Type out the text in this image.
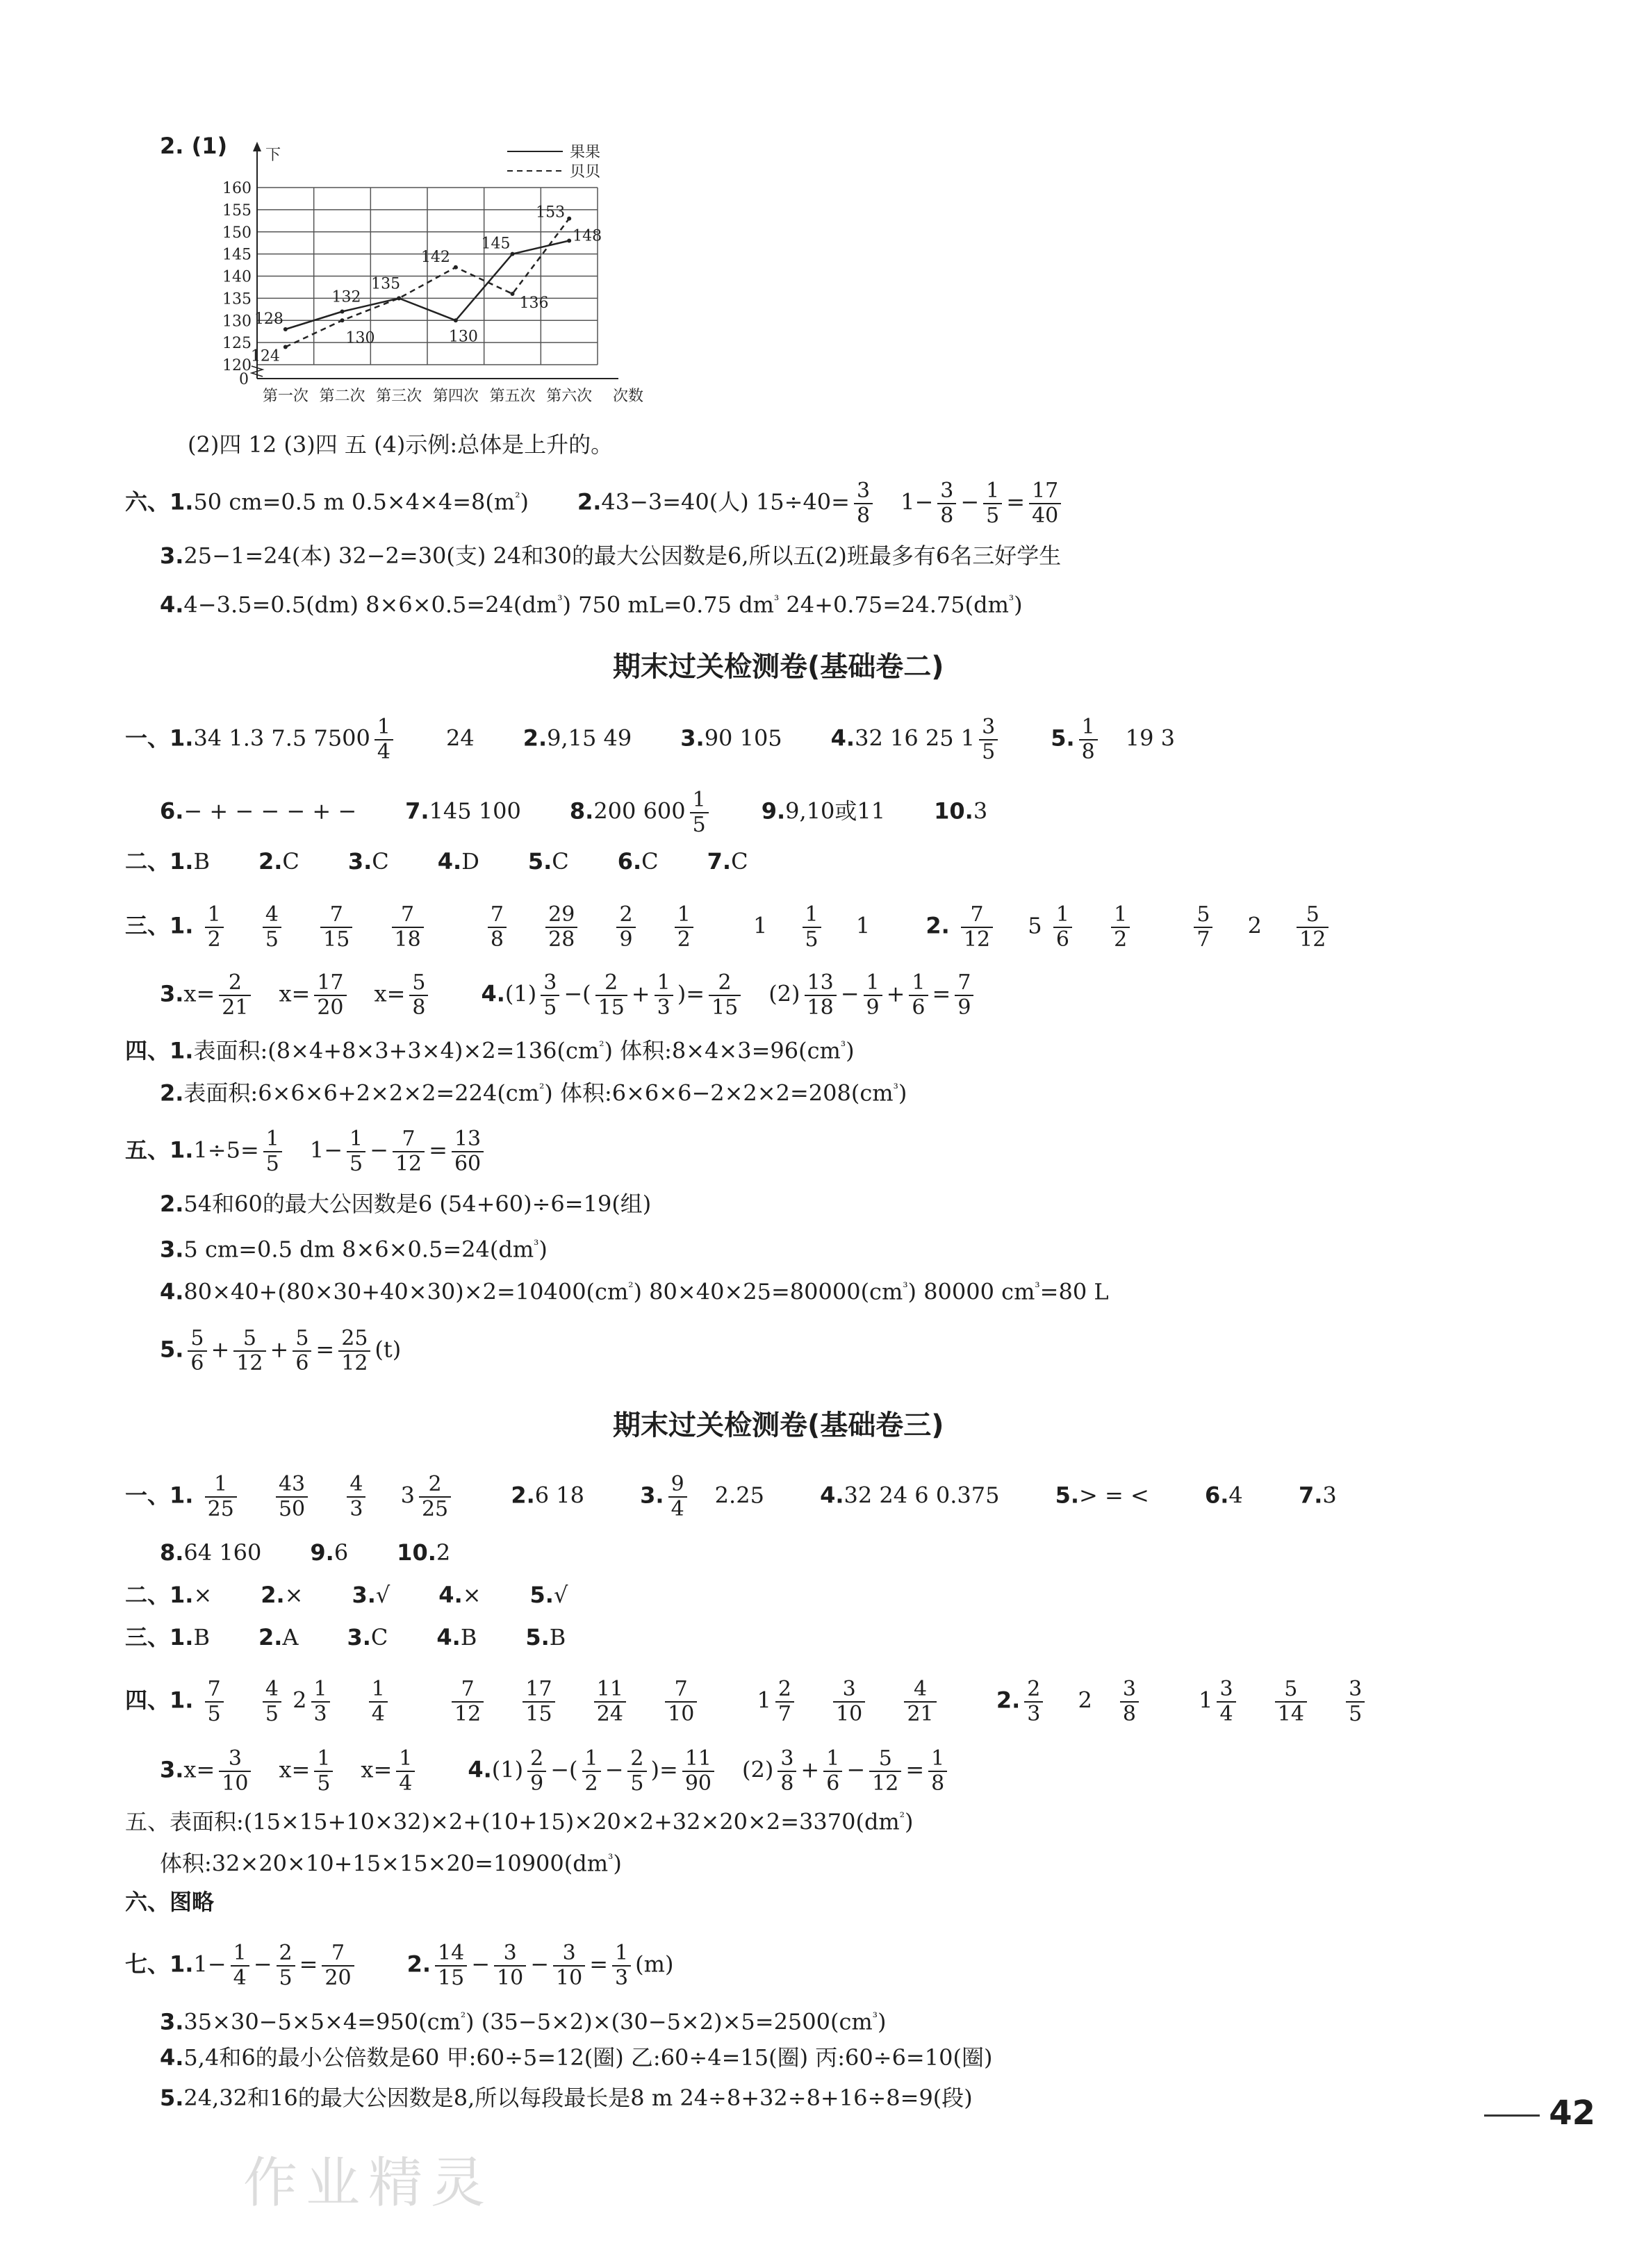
2. (1)
120
125
130
135
140
145
150
155
160
下
0
第一次 第二次 第三次 第四次 第五次 第六次 次数
128
132
135
130
145	148
124
130
142
136
153
果果
贝贝
(2)四 12 (3)四 五 (4)示例:总体是上升的。
六、1.50 cm=0.5 m $0.5\times 4\times 4=8(m^{^2})$ 2.43−3=40(人) $15\div 40= \frac{3}{8} 1- \frac{3}{8} - \frac{1}{5} = \frac{17}{40}$
3.25−1=24(本) 32−2=30(支) 24和30的最大公因数是6,所以五(2)班最多有6名三好学生
4.4−3.5=0.5(dm) $8\times 6\times 0.5=24(dm^{^3})$ 750 mL=0.75 $dm^{^3}$ $24+0.75=24.75(dm^{^3})$
期末过关检测卷(基础卷二)
一、1.34 1.3 7.5 $7500 \frac{1}{4} 24$ 2.9,15 49 3.90 105 4.32 16 25 $1 \frac{3}{5} 5$. $\frac{1}{8} 19$ 3
6.− + − − − + − 7.145 100 8.200 $600 \frac{1}{5} 9.9,10$或11 10.3
二、1.B 2.C 3.C 4.D 5.C 6.C 7.C
三、1. $\frac{1}{2}$
$\frac{4}{5}$
$\frac{7}{15}$
$\frac{7}{18}$
	$\frac{7}{8}$
$\frac{29}{28}$
$\frac{2}{9}$
$\frac{1}{2}$	$1 \frac{1}{5} 1$	2. $\frac{7}{12} 5 \frac{1}{6}$
$\frac{1}{2}$
	$\frac{5}{7} 2 \frac{5}{12}$
$3.x= \frac{2}{21} x= \frac{17}{20} x= \frac{5}{8} 4.(1) \frac{3}{5}$ −( $\frac{2}{15} + \frac{1}{3}$ )= $\frac{2}{15} (2) \frac{13}{18} - \frac{1}{9} + \frac{1}{6} = \frac{7}{9}$
四、1.表面积$:(8\times 4+8\times 3+3\times 4)\times 2=136(cm^{^2})$ 体积$:8\times 4\times 3=96(cm^{^3})$
2.表面积$:6\times 6\times 6+2\times 2\times 2=224(cm^{^2})$ 体积$:6\times 6\times 6-2\times 2\times 2=208(cm^{^3})$
五、$1.1\div 5= \frac{1}{5} 1- \frac{1}{5} - \frac{7}{12} = \frac{13}{60}$
2.54和60的最大公因数是6 (54+60)÷6=19(组)
3.5 cm=0.5 dm $8\times 6\times 0.5=24(dm^{^3})$
$4.80\times 40+(80\times 30+40\times 30)\times 2=10400(cm^{^2})$ $80\times 40\times 25=80000(cm^{^3})$ 80000 $cm^{^3}=80$ L
5. $\frac{5}{6} + \frac{5}{12} + \frac{5}{6} = \frac{25}{12} (t)$
期末过关检测卷(基础卷三)
一、1. $\frac{1}{25}$
$\frac{43}{50}$
$\frac{4}{3} 3 \frac{2}{25}$	2.6 18	3. $\frac{9}{4} 2.25$	4.32 24 6 0.375	5.> = <	6.4	7.3
8.64 160 9.6 10.2
二、1.× 2.× 3.√ 4.× 5.√
三、1.B 2.A 3.C 4.B 5.B
四、1. $\frac{7}{5}$
$\frac{4}{5} 2 \frac{1}{3}$
$\frac{1}{4}$
	$\frac{7}{12}$
$\frac{17}{15}$
$\frac{11}{24}$
$\frac{7}{10}$	$1 \frac{2}{7}$
$\frac{3}{10}$
$\frac{4}{21}$	2. $\frac{2}{3} 2 \frac{3}{8}$	$1 \frac{3}{4}$
$\frac{5}{14}$
$\frac{3}{5}$
$3.x= \frac{3}{10} x= \frac{1}{5} x= \frac{1}{4} 4.(1) \frac{2}{9}$ −( $\frac{1}{2} - \frac{2}{5}$ )= $\frac{11}{90} (2) \frac{3}{8} + \frac{1}{6} - \frac{5}{12} = \frac{1}{8}$
五、表面积$:(15\times 15+10\times 32)\times 2+(10+15)\times 20\times 2+32\times 20\times 2=3370(dm^{^2})$
体积$:32\times 20\times 10+15\times 15\times 20=10900(dm^{^3})$
六、图略
七、$1.1- \frac{1}{4} - \frac{2}{5} = \frac{7}{20} 2$. $\frac{14}{15} - \frac{3}{10} - \frac{3}{10} = \frac{1}{3} (m)$
$3.35\times 30-5\times 5\times 4=950(cm^{^2})$ $(35-5\times 2)\times(30-5\times 2)\times 5=2500(cm^{^3})$
4.5,4和6的最小公倍数是60 甲:60÷5=12(圈) 乙:60÷4=15(圈) 丙:60÷6=10(圈)
5.24,32和16的最大公因数是8,所以每段最长是8 m 24÷8+32÷8+16÷8=9(段)	42
作业精灵
